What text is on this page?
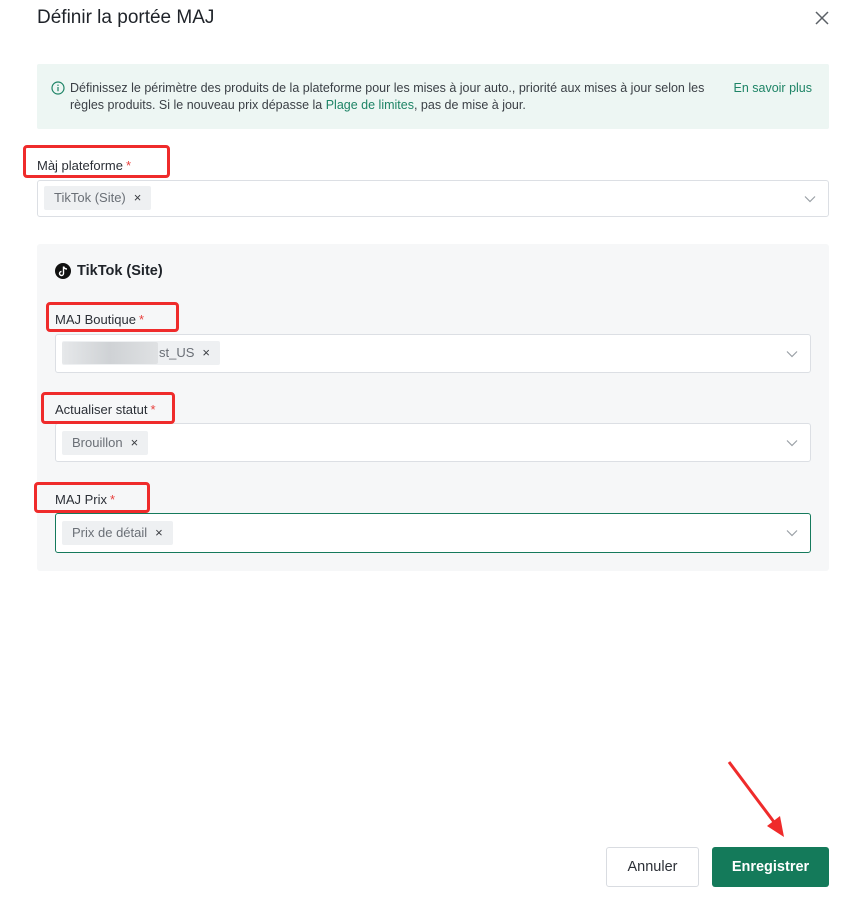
Définir la portée MAJ
Définissez le périmètre des produits de la plateforme pour les mises à jour auto., priorité aux mises à jour selon les règles produits. Si le nouveau prix dépasse la Plage de limites, pas de mise à jour.
En savoir plus
Màj plateforme *
TikTok (Site) ×
TikTok (Site)
MAJ Boutique *
st_US ×
Actualiser statut *
Brouillon ×
MAJ Prix *
Prix de détail ×
Annuler	Enregistrer
